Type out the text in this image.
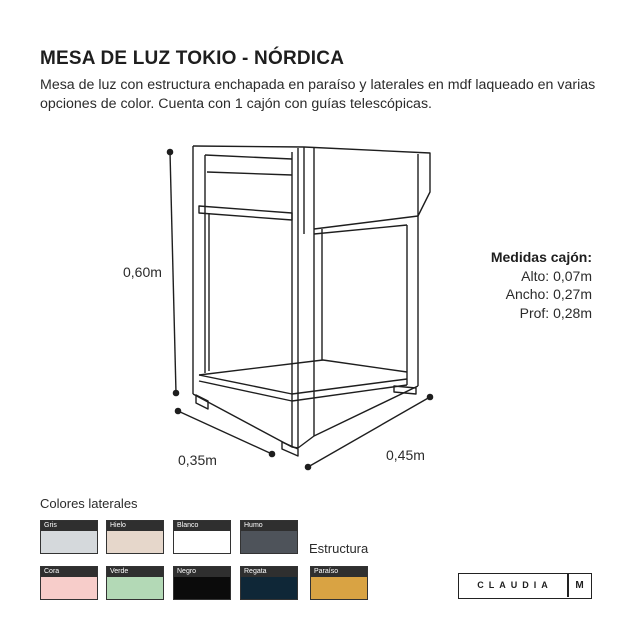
MESA DE LUZ TOKIO - NÓRDICA
Mesa de luz con estructura enchapada en paraíso y laterales en mdf laqueado en varias opciones de color. Cuenta con 1 cajón con guías telescópicas.
0,60m
0,35m	0,45m
Medidas cajón:
Alto: 0,07m
Ancho: 0,27m
Prof: 0,28m
Colores laterales
Gris	Hielo	Blanco	Humo
Cora	Verde	Negro	Regata
Estructura
Paraíso
CLAUDIA	M
